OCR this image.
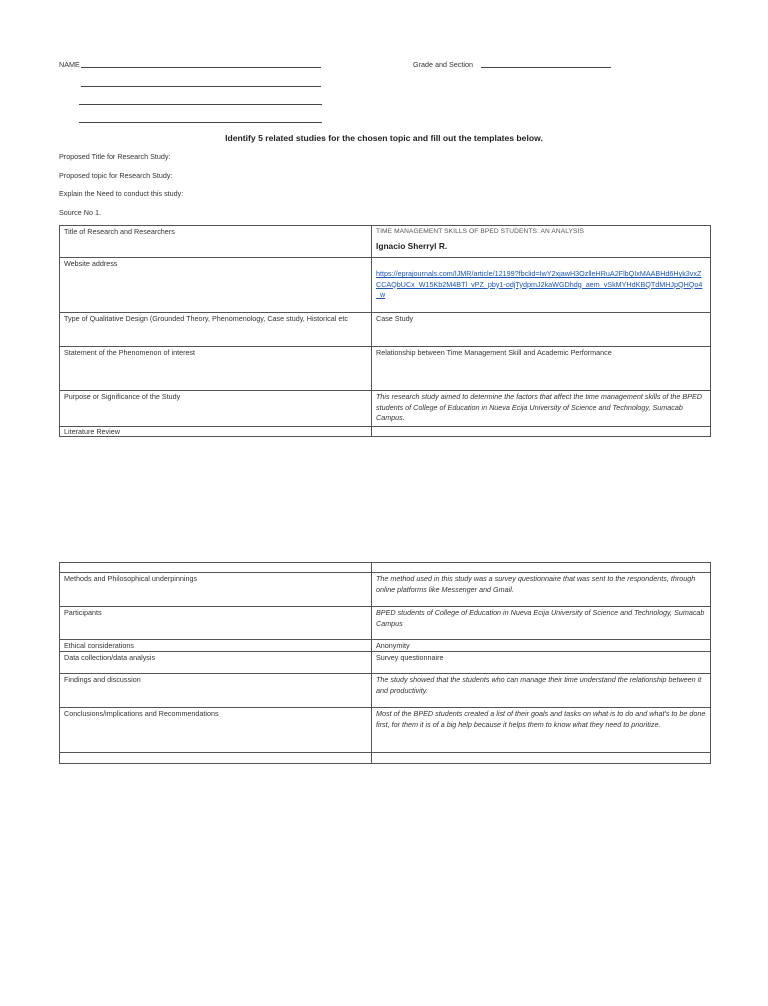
NAME	Grade and Section
Identify 5 related studies for the chosen topic and fill out the templates below.
Proposed Title for Research Study:
Proposed topic for Research Study:
Explain the Need to conduct this study:
Source No 1.
Title of Research and Researchers	TIME MANAGEMENT SKILLS OF BPED STUDENTS: AN ANALYSIS
Ignacio Sherryl R.

Website address	https://eprajournals.com/IJMR/article/12199?fbclid=IwY2xjawH3OzlleHRuA2FlbQIxMAABHd6Hyk3vxZCCAQbUCx_W15Kb2M4BTl_vPZ_pby1-odjTydpmJ2kaWGDhdg_aem_vSkMYHdKBQTdMHJpQHQo4_w
Type of Qualitative Design (Grounded Theory, Phenomenology, Case study, Historical etc	Case Study
Statement of the Phenomenon of interest	Relationship between Time Management Skill and Academic Performance
Purpose or Significance of the Study	This research study aimed to determine the factors that affect the time management skills of the BPED students of College of Education in Nueva Ecija University of Science and Technology, Sumacab Campus.
Literature Review	

Methods and Philosophical underpinnings	The method used in this study was a survey questionnaire that was sent to the respondents, through online platforms like Messenger and Gmail.
Participants	BPED students of College of Education in Nueva Ecija University of Science and Technology, Sumacab Campus
Ethical considerations	Anonymity
Data collection/data analysis	Survey questionnaire
Findings and discussion	The study showed that the students who can manage their time understand the relationship between it and productivity.
Conclusions/implications and Recommendations	Most of the BPED students created a list of their goals and tasks on what is to do and what's to be done first, for them it is of a big help because it helps them to know what they need to prioritize.
